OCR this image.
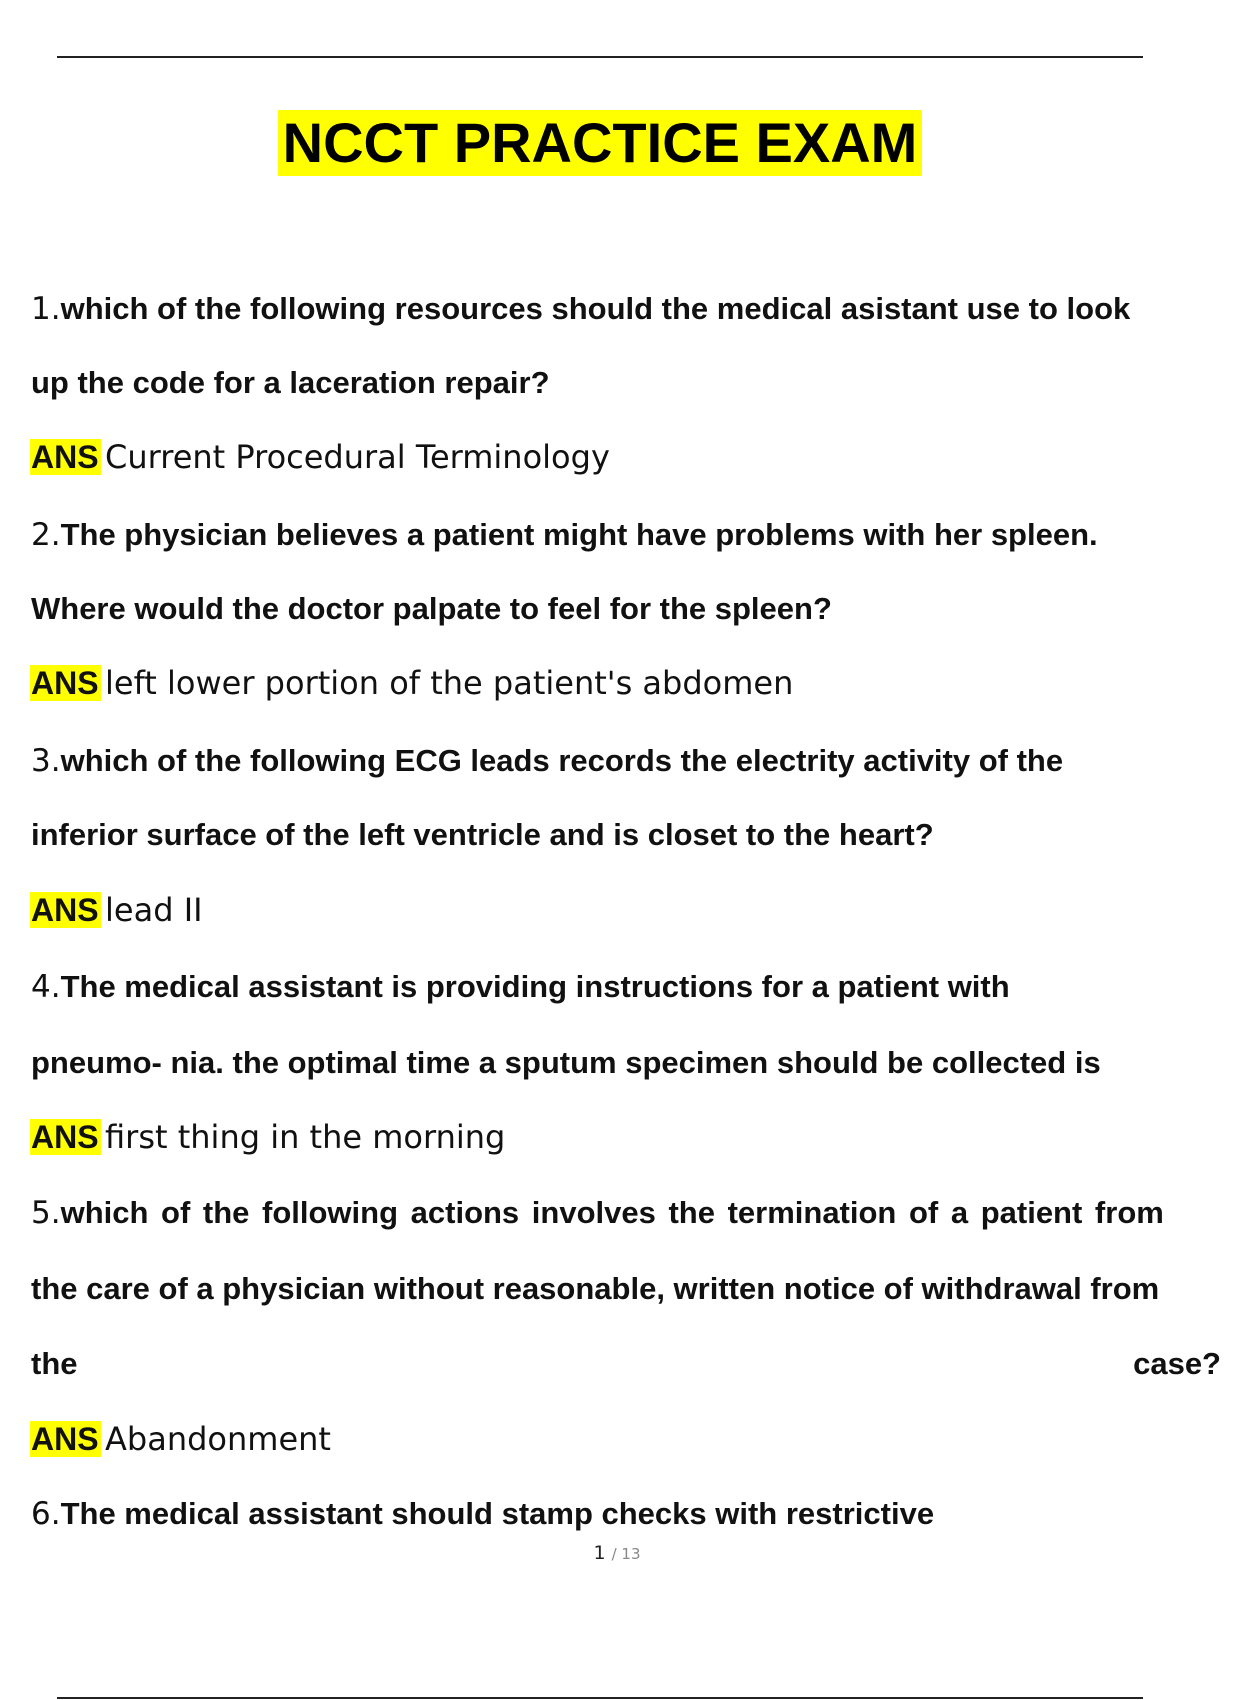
NCCT PRACTICE EXAM
1.which of the following resources should the medical asistant use to look
up the code for a laceration repair?
ANS Current Procedural Terminology
2.The physician believes a patient might have problems with her spleen.
Where would the doctor palpate to feel for the spleen?
ANS left lower portion of the patient's abdomen
3.which of the following ECG leads records the electrity activity of the
inferior surface of the left ventricle and is closet to the heart?
ANS lead II
4.The medical assistant is providing instructions for a patient with
pneumo- nia. the optimal time a sputum specimen should be collected is
ANS first thing in the morning
5.which of the following actions involves the termination of a patient from
the care of a physician without reasonable, written notice of withdrawal from
the	case?
ANS Abandonment
6.The medical assistant should stamp checks with restrictive
1 / 13
